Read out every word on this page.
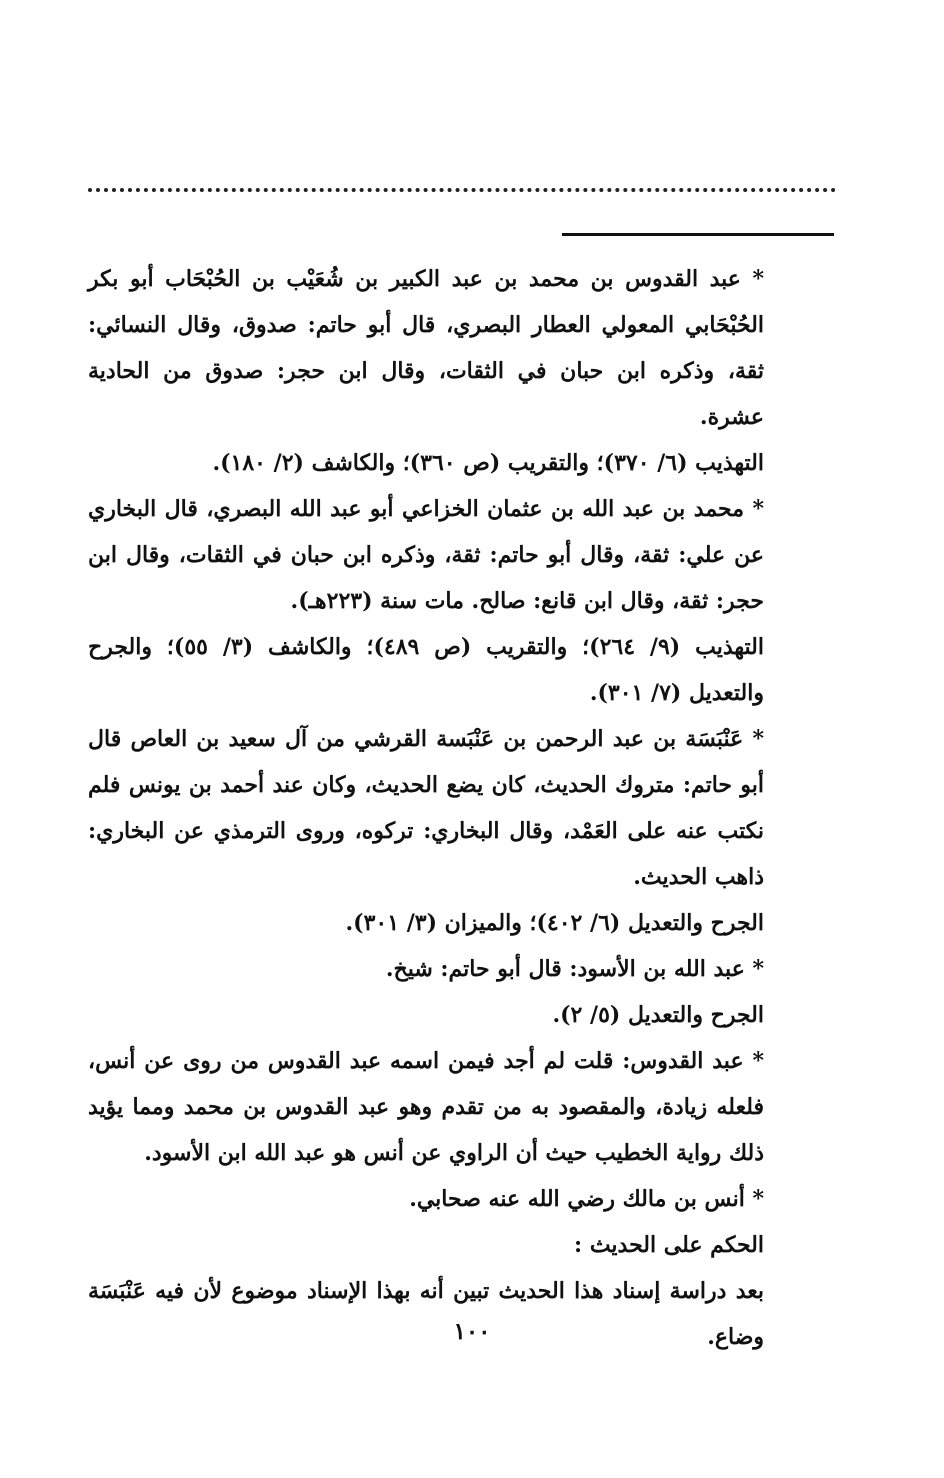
* عبد القدوس بن محمد بن عبد الكبير بن شُعَيْب بن الحُبْحَاب أبو بكر الحُبْحَابي المعولي العطار البصري، قال أبو حاتم: صدوق، وقال النسائي: ثقة، وذكره ابن حبان في الثقات، وقال ابن حجر: صدوق من الحادية عشرة.

التهذيب (٦/ ٣٧٠)؛ والتقريب (ص ٣٦٠)؛ والكاشف (٢/ ١٨٠).

* محمد بن عبد الله بن عثمان الخزاعي أبو عبد الله البصري، قال البخاري عن علي: ثقة، وقال أبو حاتم: ثقة، وذكره ابن حبان في الثقات، وقال ابن حجر: ثقة، وقال ابن قانع: صالح. مات سنة (٢٢٣هـ).

التهذيب (٩/ ٢٦٤)؛ والتقريب (ص ٤٨٩)؛ والكاشف (٣/ ٥٥)؛ والجرح والتعديل (٧/ ٣٠١).

* عَنْبَسَة بن عبد الرحمن بن عَنْبَسة القرشي من آل سعيد بن العاص قال أبو حاتم: متروك الحديث، كان يضع الحديث، وكان عند أحمد بن يونس فلم نكتب عنه على العَمْد، وقال البخاري: تركوه، وروى الترمذي عن البخاري: ذاهب الحديث.

الجرح والتعديل (٦/ ٤٠٢)؛ والميزان (٣/ ٣٠١).

* عبد الله بن الأسود: قال أبو حاتم: شيخ.

الجرح والتعديل (٥/ ٢).

* عبد القدوس: قلت لم أجد فيمن اسمه عبد القدوس من روى عن أنس، فلعله زيادة، والمقصود به من تقدم وهو عبد القدوس بن محمد ومما يؤيد ذلك رواية الخطيب حيث أن الراوي عن أنس هو عبد الله ابن الأسود.

* أنس بن مالك رضي الله عنه صحابي.

الحكم على الحديث :

بعد دراسة إسناد هذا الحديث تبين أنه بهذا الإسناد موضوع لأن فيه عَنْبَسَة وضاع.

١٠٠
